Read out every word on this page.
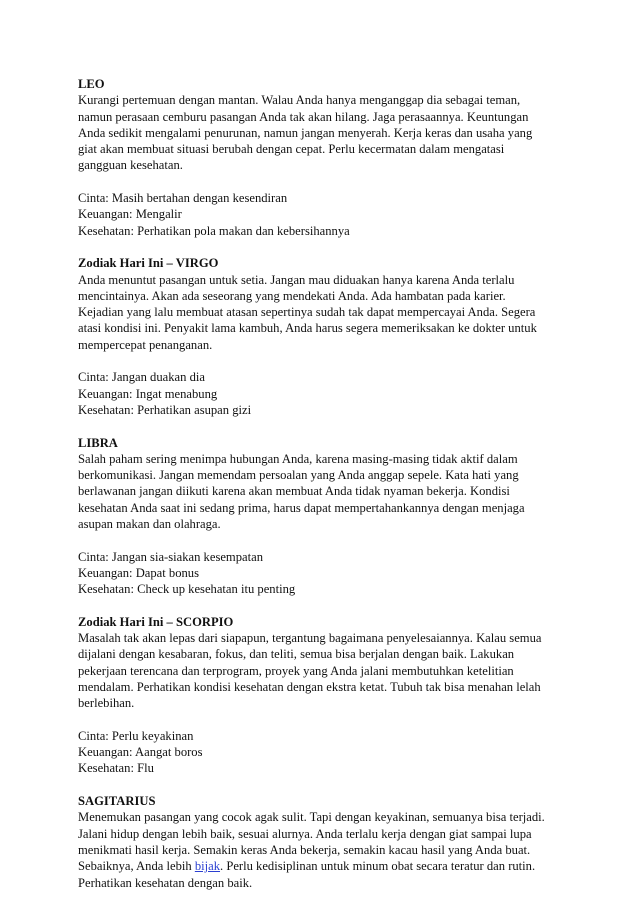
LEO
Kurangi pertemuan dengan mantan. Walau Anda hanya menganggap dia sebagai teman,
namun perasaan cemburu pasangan Anda tak akan hilang. Jaga perasaannya. Keuntungan
Anda sedikit mengalami penurunan, namun jangan menyerah. Kerja keras dan usaha yang
giat akan membuat situasi berubah dengan cepat. Perlu kecermatan dalam mengatasi
gangguan kesehatan.
Cinta: Masih bertahan dengan kesendiran
Keuangan: Mengalir
Kesehatan: Perhatikan pola makan dan kebersihannya
Zodiak Hari Ini – VIRGO
Anda menuntut pasangan untuk setia. Jangan mau diduakan hanya karena Anda terlalu
mencintainya. Akan ada seseorang yang mendekati Anda. Ada hambatan pada karier.
Kejadian yang lalu membuat atasan sepertinya sudah tak dapat mempercayai Anda. Segera
atasi kondisi ini. Penyakit lama kambuh, Anda harus segera memeriksakan ke dokter untuk
mempercepat penanganan.
Cinta: Jangan duakan dia
Keuangan: Ingat menabung
Kesehatan: Perhatikan asupan gizi
LIBRA
Salah paham sering menimpa hubungan Anda, karena masing-masing tidak aktif dalam
berkomunikasi. Jangan memendam persoalan yang Anda anggap sepele. Kata hati yang
berlawanan jangan diikuti karena akan membuat Anda tidak nyaman bekerja. Kondisi
kesehatan Anda saat ini sedang prima, harus dapat mempertahankannya dengan menjaga
asupan makan dan olahraga.
Cinta: Jangan sia-siakan kesempatan
Keuangan: Dapat bonus
Kesehatan: Check up kesehatan itu penting
Zodiak Hari Ini – SCORPIO
Masalah tak akan lepas dari siapapun, tergantung bagaimana penyelesaiannya. Kalau semua
dijalani dengan kesabaran, fokus, dan teliti, semua bisa berjalan dengan baik. Lakukan
pekerjaan terencana dan terprogram, proyek yang Anda jalani membutuhkan ketelitian
mendalam. Perhatikan kondisi kesehatan dengan ekstra ketat. Tubuh tak bisa menahan lelah
berlebihan.
Cinta: Perlu keyakinan
Keuangan: Aangat boros
Kesehatan: Flu
SAGITARIUS
Menemukan pasangan yang cocok agak sulit. Tapi dengan keyakinan, semuanya bisa terjadi.
Jalani hidup dengan lebih baik, sesuai alurnya. Anda terlalu kerja dengan giat sampai lupa
menikmati hasil kerja. Semakin keras Anda bekerja, semakin kacau hasil yang Anda buat.
Sebaiknya, Anda lebih bijak. Perlu kedisiplinan untuk minum obat secara teratur dan rutin.
Perhatikan kesehatan dengan baik.
